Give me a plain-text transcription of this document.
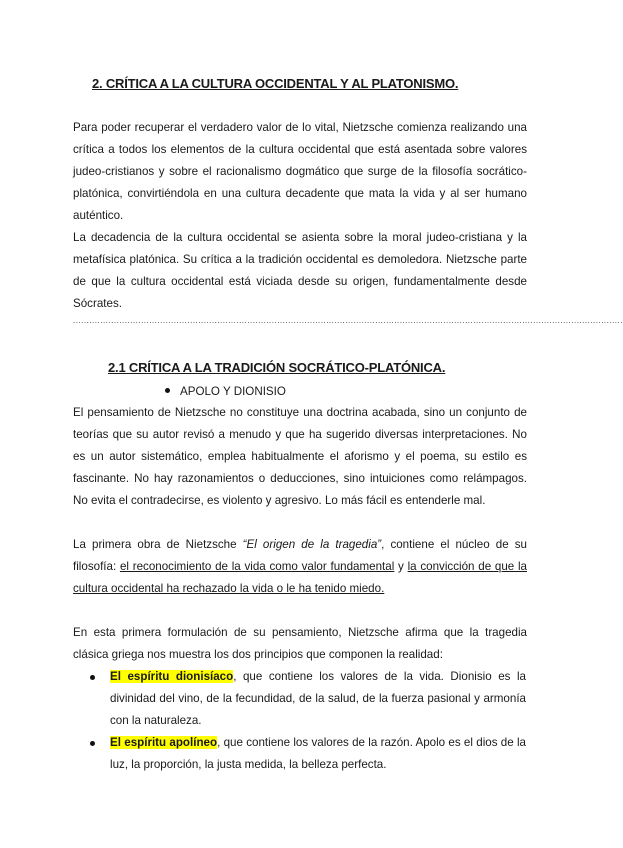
2. CRÍTICA A LA CULTURA OCCIDENTAL Y AL PLATONISMO.

Para poder recuperar el verdadero valor de lo vital, Nietzsche comienza realizando una crítica a todos los elementos de la cultura occidental que está asentada sobre valores judeo-cristianos y sobre el racionalismo dogmático que surge de la filosofía socrático-platónica, convirtiéndola en una cultura decadente que mata la vida y al ser humano auténtico.

La decadencia de la cultura occidental se asienta sobre la moral judeo-cristiana y la metafísica platónica. Su crítica a la tradición occidental es demoledora. Nietzsche parte de que la cultura occidental está viciada desde su origen, fundamentalmente desde Sócrates.

..........................................................................................................................................................................................................
2.1 CRÍTICA A LA TRADICIÓN SOCRÁTICO-PLATÓNICA.
APOLO Y DIONISIO

El pensamiento de Nietzsche no constituye una doctrina acabada, sino un conjunto de teorías que su autor revisó a menudo y que ha sugerido diversas interpretaciones. No es un autor sistemático, emplea habitualmente el aforismo y el poema, su estilo es fascinante. No hay razonamientos o deducciones, sino intuiciones como relámpagos. No evita el contradecirse, es violento y agresivo. Lo más fácil es entenderle mal.

La primera obra de Nietzsche “El origen de la tragedia”, contiene el núcleo de su filosofía: el reconocimiento de la vida como valor fundamental y la convicción de que la cultura occidental ha rechazado la vida o le ha tenido miedo.

En esta primera formulación de su pensamiento, Nietzsche afirma que la tragedia clásica griega nos muestra los dos principios que componen la realidad:

El espíritu dionisíaco, que contiene los valores de la vida. Dionisio es la divinidad del vino, de la fecundidad, de la salud, de la fuerza pasional y armonía con la naturaleza.

El espíritu apolíneo, que contiene los valores de la razón. Apolo es el dios de la luz, la proporción, la justa medida, la belleza perfecta.
